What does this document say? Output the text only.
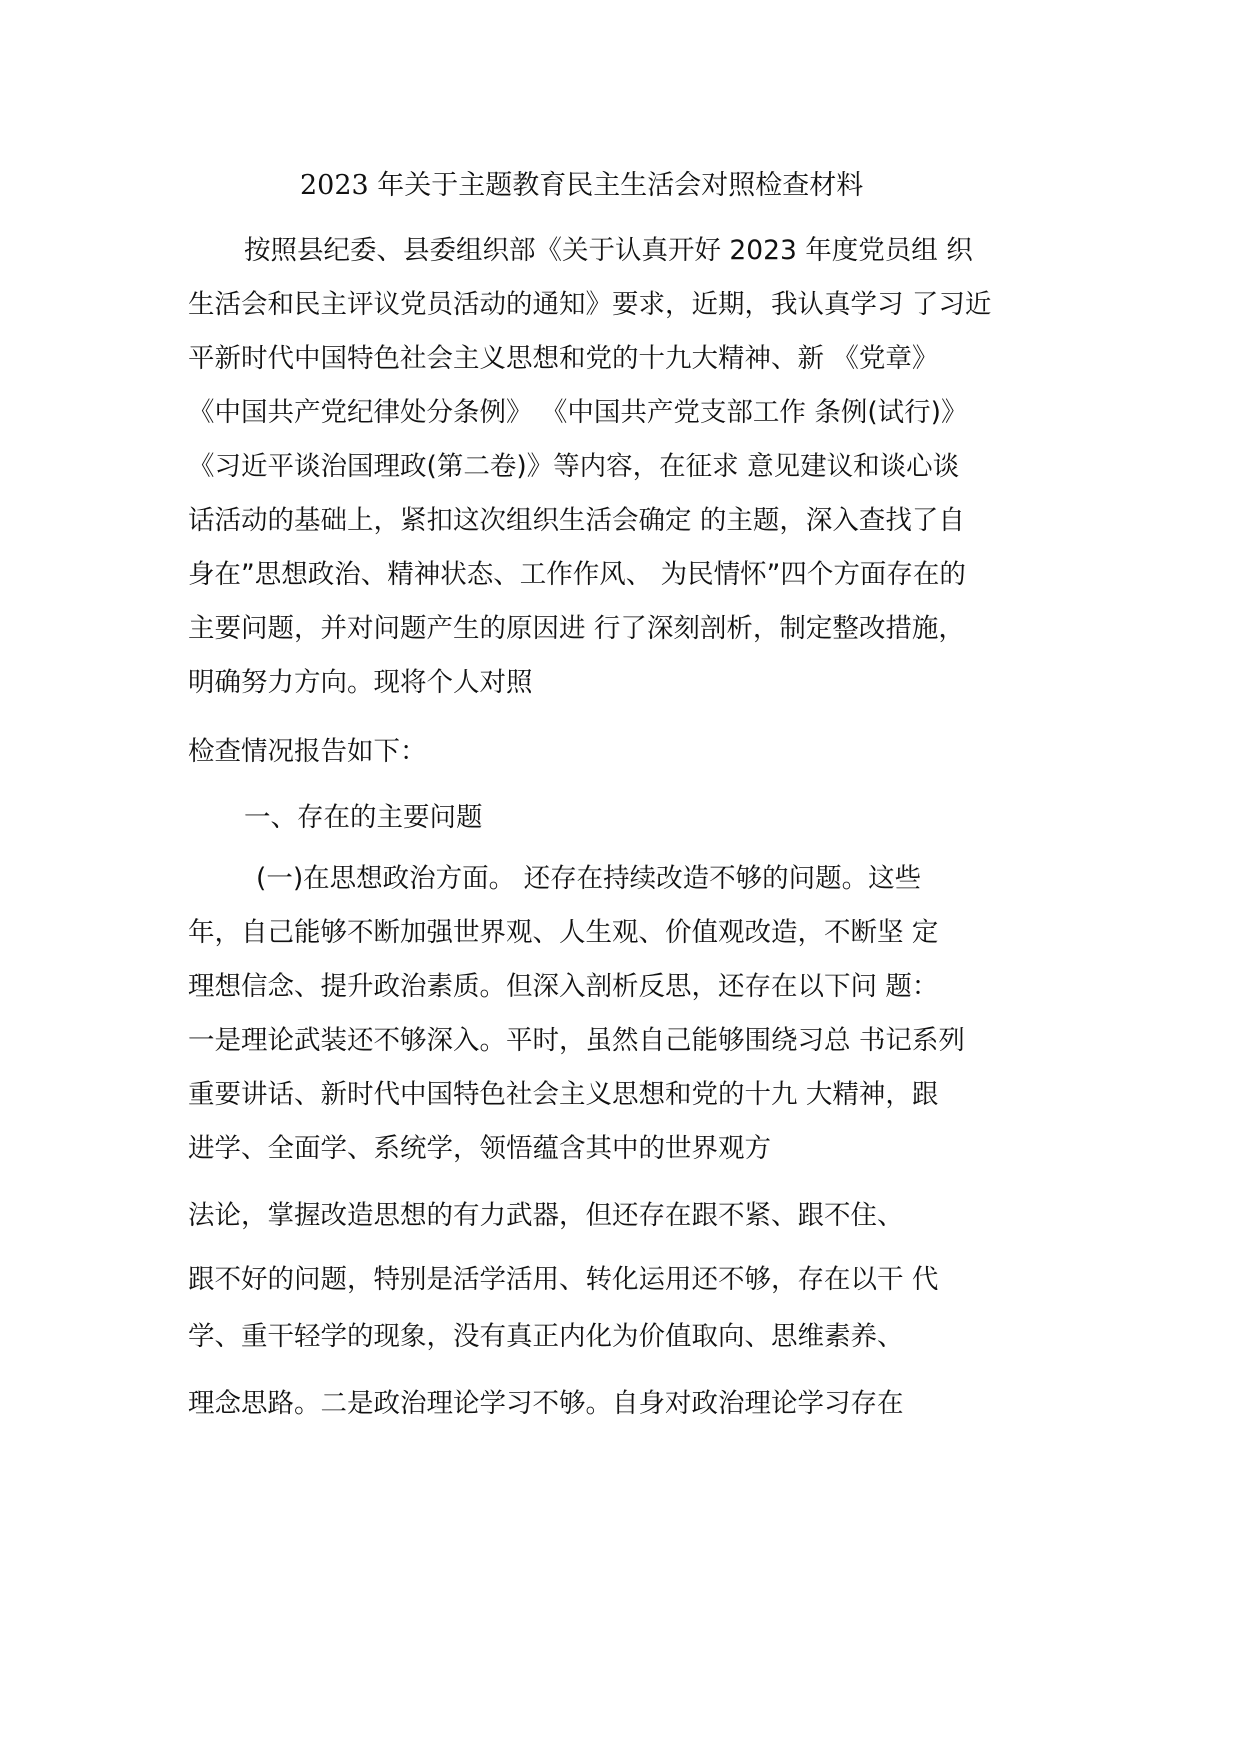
2023 年关于主题教育民主生活会对照检查材料
按照县纪委、县委组织部《关于认真开好 2023 年度党员组 织
生活会和民主评议党员活动的通知》要求，近期，我认真学习 了习近
平新时代中国特色社会主义思想和党的十九大精神、新 《党章》
《中国共产党纪律处分条例》 《中国共产党支部工作 条例(试行)》
《习近平谈治国理政(第二卷)》等内容，在征求 意见建议和谈心谈
话活动的基础上，紧扣这次组织生活会确定 的主题，深入查找了自
身在”思想政治、精神状态、工作作风、 为民情怀”四个方面存在的
主要问题，并对问题产生的原因进 行了深刻剖析，制定整改措施，
明确努力方向。现将个人对照
检查情况报告如下：
一、存在的主要问题
(一)在思想政治方面。 还存在持续改造不够的问题。这些
年，自己能够不断加强世界观、人生观、价值观改造，不断坚 定
理想信念、提升政治素质。但深入剖析反思，还存在以下问 题：
一是理论武装还不够深入。平时，虽然自己能够围绕习总 书记系列
重要讲话、新时代中国特色社会主义思想和党的十九 大精神，跟
进学、全面学、系统学，领悟蕴含其中的世界观方
法论，掌握改造思想的有力武器，但还存在跟不紧、跟不住、
跟不好的问题，特别是活学活用、转化运用还不够，存在以干 代
学、重干轻学的现象，没有真正内化为价值取向、思维素养、
理念思路。二是政治理论学习不够。自身对政治理论学习存在
